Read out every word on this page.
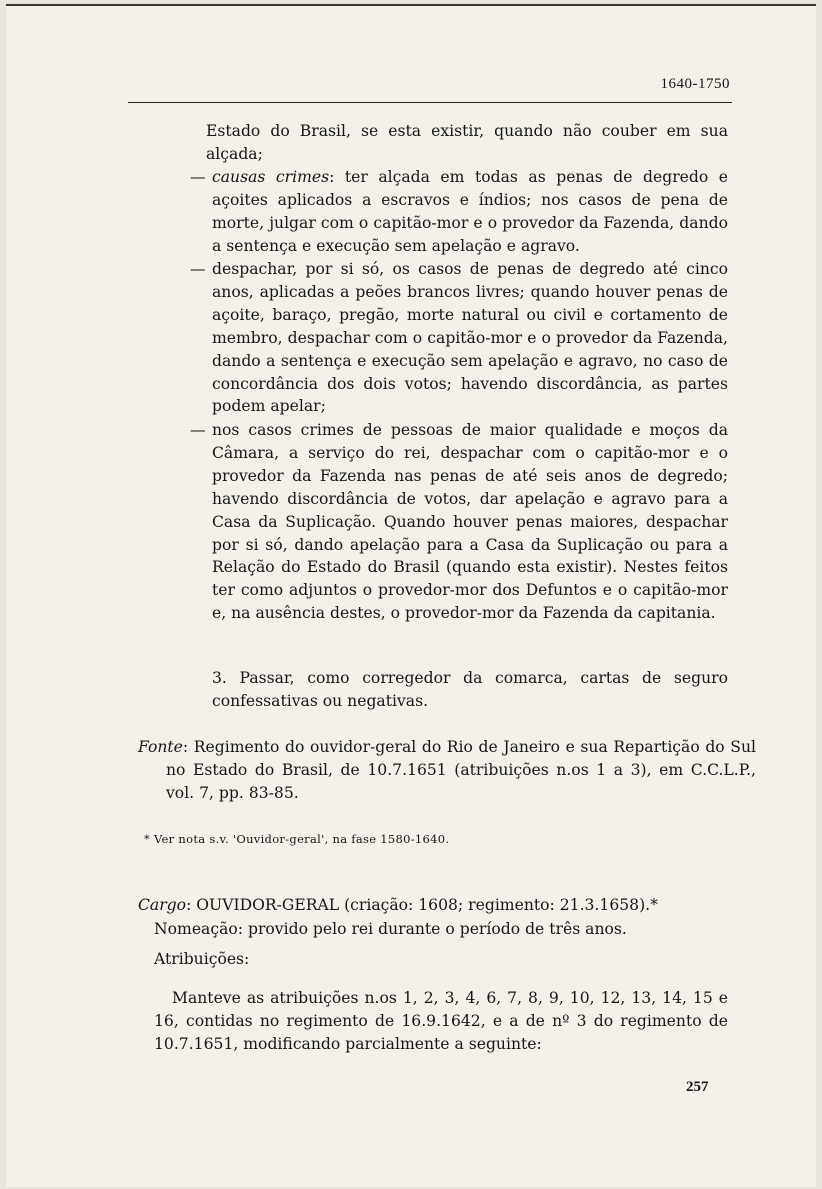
1640-1750

Estado do Brasil, se esta existir, quando não couber em sua alçada;

— causas crimes: ter alçada em todas as penas de degredo e açoites aplicados a escravos e índios; nos casos de pena de morte, julgar com o capitão-mor e o provedor da Fazenda, dando a sentença e execução sem apelação e agravo.

— despachar, por si só, os casos de penas de degredo até cinco anos, aplicadas a peões brancos livres; quando houver penas de açoite, baraço, pregão, morte natural ou civil e cortamento de membro, despachar com o capitão-mor e o provedor da Fazenda, dando a sentença e execução sem apelação e agravo, no caso de concordância dos dois votos; havendo discordância, as partes podem apelar;

— nos casos crimes de pessoas de maior qualidade e moços da Câmara, a serviço do rei, despachar com o capitão-mor e o provedor da Fazenda nas penas de até seis anos de degredo; havendo discordância de votos, dar apelação e agravo para a Casa da Suplicação. Quando houver penas maiores, despachar por si só, dando apelação para a Casa da Suplicação ou para a Relação do Estado do Brasil (quando esta existir). Nestes feitos ter como adjuntos o provedor-mor dos Defuntos e o capitão-mor e, na ausência destes, o provedor-mor da Fazenda da capitania.

3. Passar, como corregedor da comarca, cartas de seguro confessativas ou negativas.

Fonte: Regimento do ouvidor-geral do Rio de Janeiro e sua Repartição do Sul no Estado do Brasil, de 10.7.1651 (atribuições n.os 1 a 3), em C.C.L.P., vol. 7, pp. 83-85.

* Ver nota s.v. 'Ouvidor-geral', na fase 1580-1640.

Cargo: OUVIDOR-GERAL (criação: 1608; regimento: 21.3.1658).*

Nomeação: provido pelo rei durante o período de três anos.

Atribuições:

Manteve as atribuições n.os 1, 2, 3, 4, 6, 7, 8, 9, 10, 12, 13, 14, 15 e 16, contidas no regimento de 16.9.1642, e a de nº 3 do regimento de 10.7.1651, modificando parcialmente a seguinte:

257
